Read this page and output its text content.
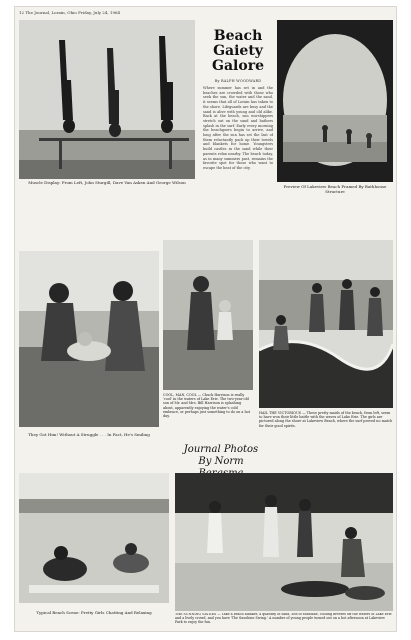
12 The Journal, Lorain, Ohio Friday, July 24, 1964
Muscle Display: From Left, John Sturgill, Dave Van Asken And George Wilson
Beach Gaiety Galore
By RALPH WOODWARD
Where summer has set in and the beaches are crowded with those who seek the sun, the water and the sand, it seems that all of Lorain has taken to the shore. Lifeguards are busy and the sand is alive with young and old alike. Back at the beach, sun worshippers stretch out on the sand and bathers splash in the surf. Early every morning the beachgoers begin to arrive, and long after the sun has set the last of them reluctantly pack up their towels and blankets for home. Youngsters build castles in the sand while their parents relax nearby. The beach today, as in many summers past, remains the favorite spot for those who want to escape the heat of the city.
Preview Of Lakeview Beach Framed By Bathhouse Structure
They Got Him! Without A Struggle . . . In Fact, He's Smiling
COOL, MAN, COOL — Chuck Harrison is really 'cool' in the waters of Lake Erie. The two-year-old son of Mr. and Mrs. Bill Harrison is splashing about, apparently enjoying the water's cold embrace, or perhaps just something to do on a hot day.
HAIL THE VICTORIOUS — These pretty maids of the beach, from left, seem to have won their little battle with the waves of Lake Erie. The girls are pictured along the shore at Lakeview Beach, where the surf proved no match for their good spirits.
Journal Photos
By Norm
Typical Beach Scene: Pretty Girls Chatting And Relaxing	THE SUNNING SIXTIES — Take a beach blanket, a quantity of sand, lots of sunshine, cooling breezes off the waters of Lake Erie and a lively crowd, and you have 'The Sunshine Swing.' A number of young people turned out on a hot afternoon at Lakeview Park to enjoy the fun.
